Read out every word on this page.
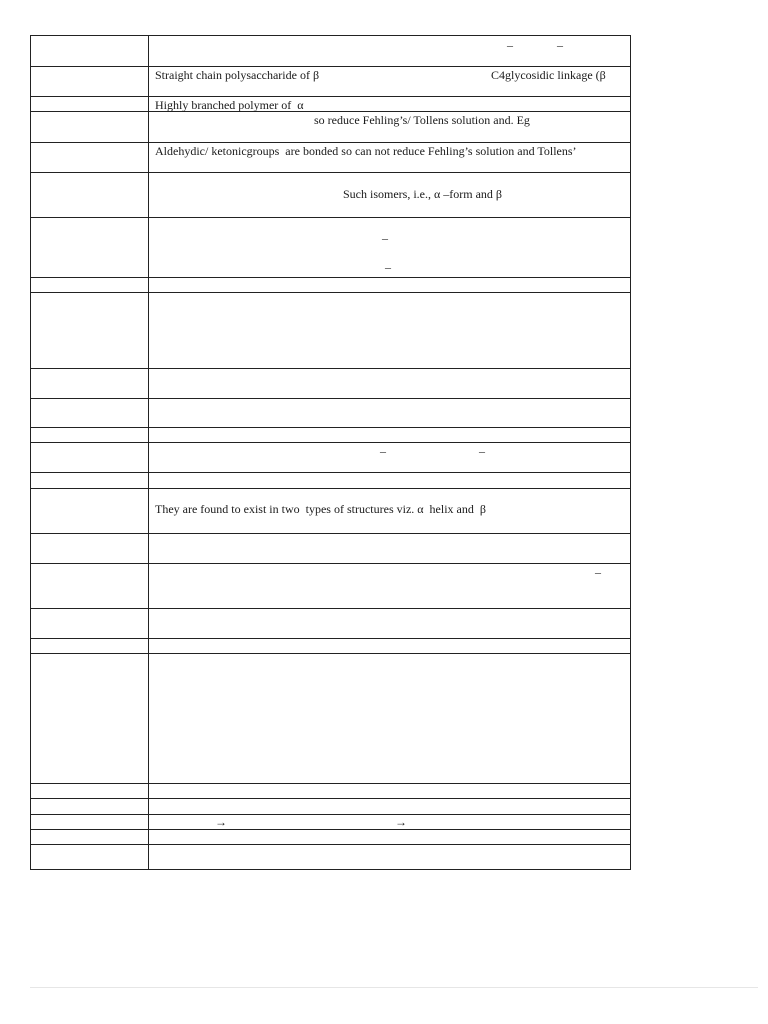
	– –

	Straight chain polysaccharide of β C4glycosidic linkage (β

	Highly branched polymer of  α

	so reduce Fehling’s/ Tollens solution and. Eg

	Aldehydic/ ketonicgroups  are bonded so can not reduce Fehling’s solution and Tollens’

	Such isomers, i.e., α –form and β

	–
–

	– –

	They are found to exist in two  types of structures viz. α  helix and  β

	–

	→ →
